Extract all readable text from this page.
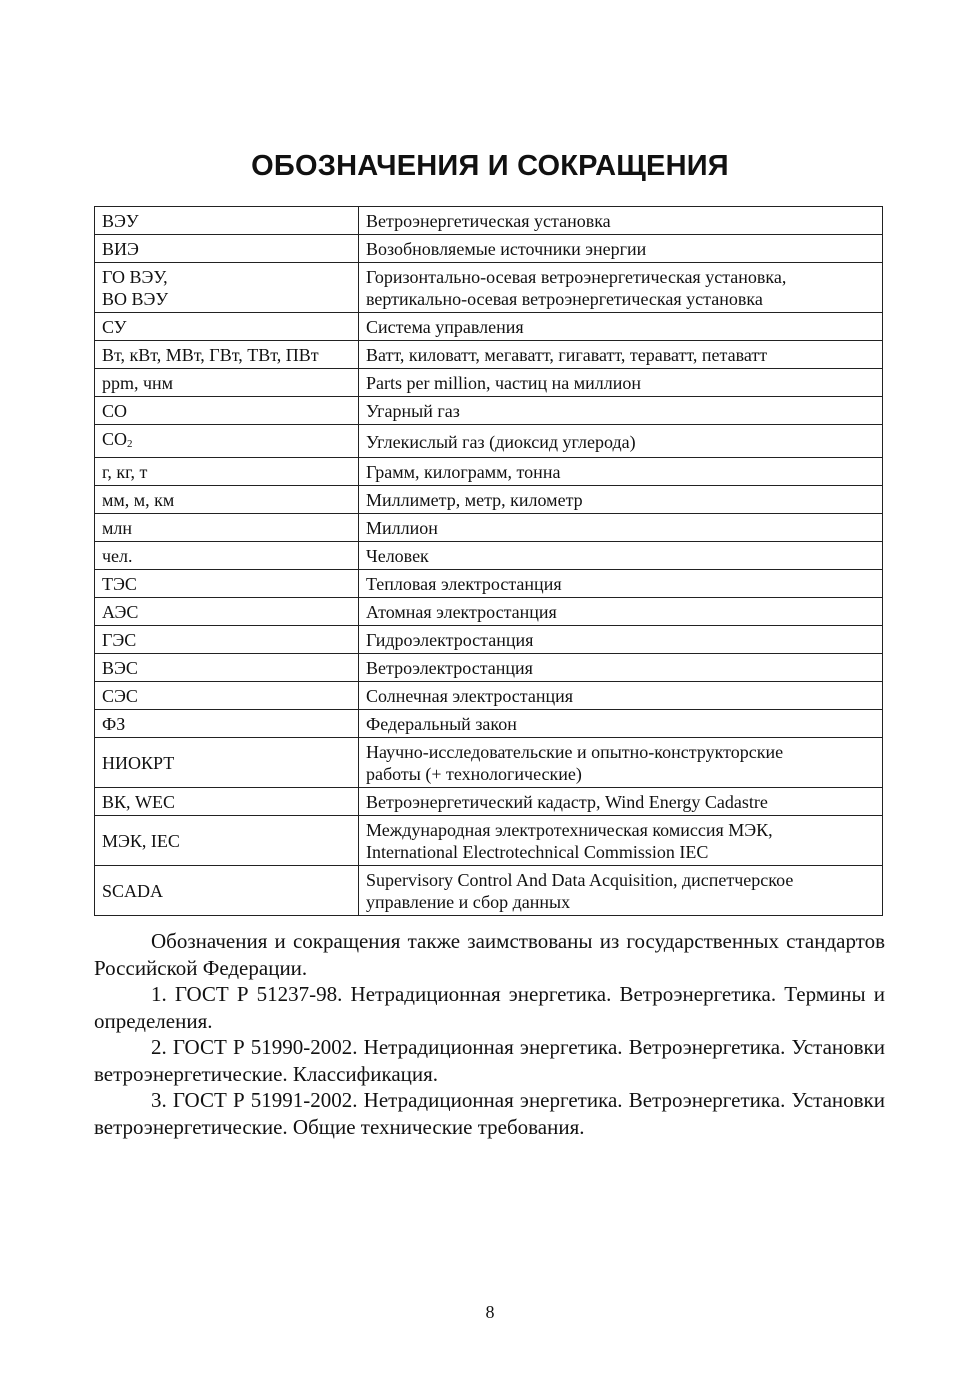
ОБОЗНАЧЕНИЯ И СОКРАЩЕНИЯ
ВЭУ	Ветроэнергетическая установка

ВИЭ	Возобновляемые источники энергии

ГО ВЭУ,
ВО ВЭУ	Горизонтально-осевая ветроэнергетическая установка,
вертикально-осевая ветроэнергетическая установка

СУ	Система управления

Вт, кВт, МВт, ГВт, ТВт, ПВт	Ватт, киловатт, мегаватт, гигаватт, тераватт, петаватт

ppm, чнм	Parts per million, частиц на миллион

CO	Угарный газ

$CO_2$	Углекислый газ (диоксид углерода)

г, кг, т	Грамм, килограмм, тонна

мм, м, км	Миллиметр, метр, километр

млн	Миллион

чел.	Человек

ТЭС	Тепловая электростанция

АЭС	Атомная электростанция

ГЭС	Гидроэлектростанция

ВЭС	Ветроэлектростанция

СЭС	Солнечная электростанция

ФЗ	Федеральный закон

НИОКРТ	Научно-исследовательские и опытно-конструкторские
работы (+ технологические)

ВК, WEC	Ветроэнергетический кадастр, Wind Energy Cadastre

МЭК, IEC	Международная электротехническая комиссия МЭК,
International Electrotechnical Commission IEC

SCADA	Supervisory Control And Data Acquisition, диспетчерское
управление и сбор данных

Обозначения и сокращения также заимствованы из государственных стандартов Российской Федерации.

1. ГОСТ Р 51237-98. Нетрадиционная энергетика. Ветроэнергетика. Термины и определения.

2. ГОСТ Р 51990-2002. Нетрадиционная энергетика. Ветроэнергетика. Установки ветроэнергетические. Классификация.

3. ГОСТ Р 51991-2002. Нетрадиционная энергетика. Ветроэнергетика. Установки ветроэнергетические. Общие технические требования.

8
